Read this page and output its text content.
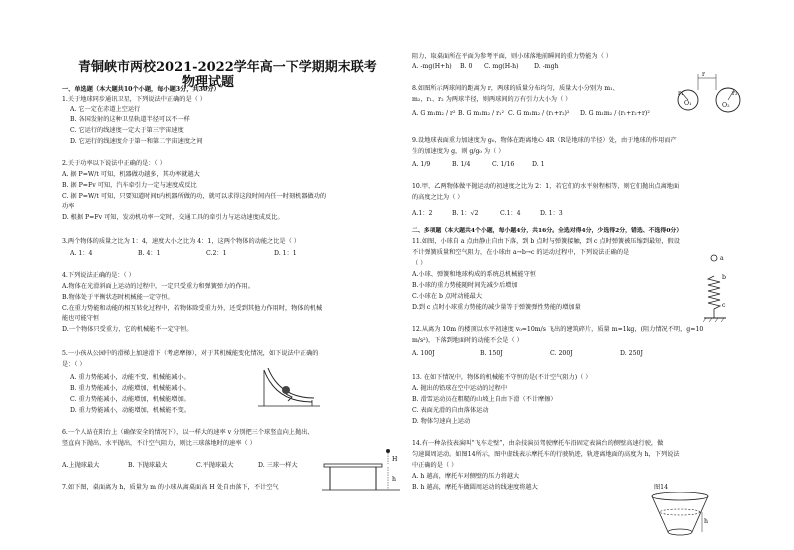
青铜峡市两校2021-2022学年高一下学期期末联考
物理试题
一、单选题（本大题共10个小题，每小题3分，共30分）
1.关于地球同步通讯卫星，下列说法中正确的是（ ）
A. 它一定在赤道上空运行
B. 各国发射的这种卫星轨道半径可以不一样
C. 它运行的线速度一定大于第三宇宙速度
D. 它运行的线速度介于第一和第二宇宙速度之间
2.关于功率以下说法中正确的是：（ ）
A. 据 P=W/t 可知，机器做功越多，其功率就越大
B. 据 P=Fv 可知，汽车牵引力一定与速度成反比
C. 据 P=W/t 可知，只要知道时间t内机器所做的功，就可以求得这段时间内任一时刻机器做功的
功率
D. 根据 P=Fv 可知，发动机功率一定时，交通工具的牵引力与运动速度成反比。
3.两个物体的质量之比为 1：4，速度大小之比为 4：1，这两个物体的动能之比是（ ）
A. 1：4	B. 4：1	C.2：1	D. 1：1
4.下列说法正确的是：（ ）
A.物体在光滑斜面上运动的过程中，一定只受重力和弹簧弹力的作用。
B.物体处于平衡状态时机械能一定守恒。
C.在重力势能和动能的相互转化过程中，若物体除受重力外，还受到其他力作用时，物体的机械
能也可能守恒
D.一个物体只受重力，它的机械能不一定守恒。
5.一小孩从公园中的滑梯上加速滑下（考虑摩擦），对于其机械能变化情况，如下说法中正确的
是：（ ）
A. 重力势能减小，动能不变，机械能减小。
B. 重力势能减小，动能增加，机械能减小。
C. 重力势能减小，动能增加，机械能增加。
D. 重力势能减小，动能增加，机械能不变。
6.一个人站在阳台上（确保安全的情况下），以一样大的速率 v 分别把三个球竖直向上抛出、
竖直向下抛出、水平抛出，不计空气阻力，则比三球落地时的速率（ ）
A.上抛球最大	B. 下抛球最大	C.平抛球最大	D. 三球一样大
7.如下图，桌面离为 h，质量为 m 的小球从离桌面高 H 处自由落下，不计空气
H
h
阻力，取桌面所在平面为参考平面，则小球落地前瞬间的重力势能为（ ）
A. -mg(H+h) B. 0 C. mg(H-h) D. -mgh
8.如图所示两球间的距离为 r，两球的质量分布均匀，质量大小分别为 m₁、
m₂，r₁、r₂ 为两球半径，则两球间的万有引力大小为（ ）
A. G m₁m₂ / r² B. G m₁m₂ / r₁² C. G m₁m₂ / (r₁+r₂)² D. G m₁m₂ / (r₁+r₂+r)²
9.设地球表面重力加速度为 g₀，物体在距离地心 4R（R是地球的半径）处，由于地球的作用而产
生的加速度为 g，则 g/g₀ 为（ ）
A. 1/9	B. 1/4	C. 1/16	D. 1
10.甲、乙两物体做平抛运动的初速度之比为 2：1，若它们的水平射程相等，则它们抛出点离地面
的高度之比为（ ）
A.1：2	B. 1：√2	C.1：4	D. 1：3
二、多项题（本大题共4个小题，每小题4分，共16分。全选对得4分，少选得2分，错选、不选得0分）
11.如图，小球自 a 点由静止自由下落，到 b 点时与弹簧接触，到 c 点时弹簧被压缩到最短，假设
不计弹簧质量和空气阻力，在小球由 a→b→c 的运动过程中，下列说法正确的是
（ ）
A.小球、弹簧和地球构成的系统总机械能守恒
B.小球的重力势能随时间先减少后增加
C.小球在 b 点时动能最大
D.到 c 点时小球重力势能的减少量等于弹簧弹性势能的增加量
12.从离为 10m 的楼顶以水平初速度 v₀=10m/s 飞出的建筑碎片，质量 m=1kg，(阻力情况不明，g=10
m/s²)，下落到地面时的动能不会是（ ）
A. 100J	B. 150J	C. 200J	D. 250J
13. 在如下情况中，物体的机械能不守恒的是(不计空气阻力)（ ）
A. 抛出的铅球在空中运动的过程中
B. 滑雪运动员在粗糙的山坡上自由下滑（不计摩擦）
C. 表面光滑的自由落体运动
D. 物体匀速向上运动
14.有一种杂技表演叫“飞车走壁”，由杂技演员驾驶摩托车沿固定表演台的侧壁高速行驶，做
匀速圆周运动。如图14所示，图中虚线表示摩托车的行驶轨迹，轨迹离地面的高度为 h，下列说法
中正确的是（ ）
A. h 越高，摩托车对侧壁的压力将越大
B. h 越高，摩托车做圆周运动的线速度将越大	图14
r
O₁	O₂
r₁	r₂
a
b
c
h
